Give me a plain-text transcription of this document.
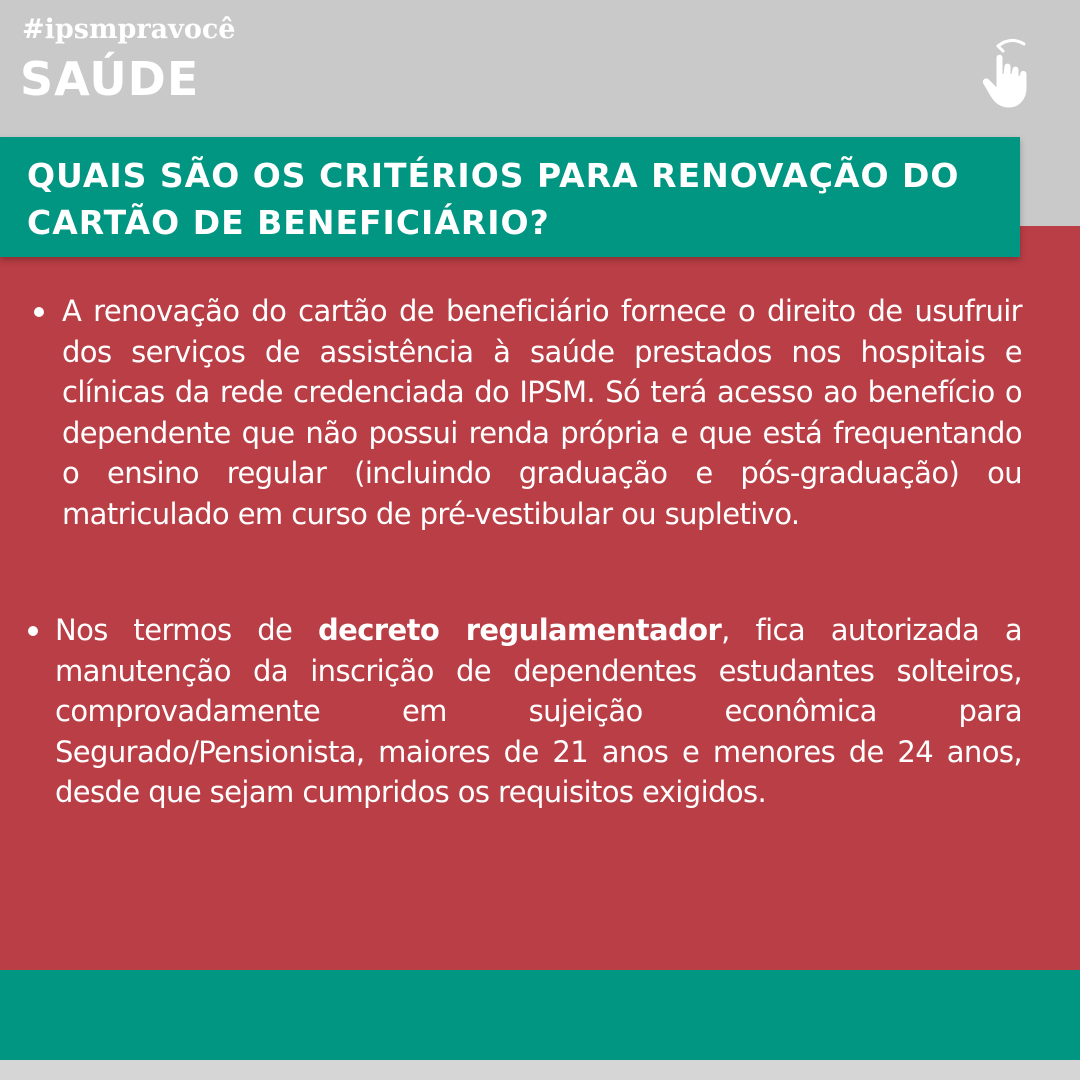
#ipsmpravocê
SAÚDE
QUAIS SÃO OS CRITÉRIOS PARA RENOVAÇÃO DO CARTÃO DE BENEFICIÁRIO?
A renovação do cartão de beneficiário fornece o direito de usufruir dos serviços de assistência à saúde prestados nos hospitais e clínicas da rede credenciada do IPSM. Só terá acesso ao benefício o dependente que não possui renda própria e que está frequentando o ensino regular (incluindo graduação e pós-graduação) ou matriculado em curso de pré-vestibular ou supletivo.
Nos termos de decreto regulamentador, fica autorizada a manutenção da inscrição de dependentes estudantes solteiros, comprovadamente em sujeição econômica para Segurado/Pensionista, maiores de 21 anos e menores de 24 anos, desde que sejam cumpridos os requisitos exigidos.
